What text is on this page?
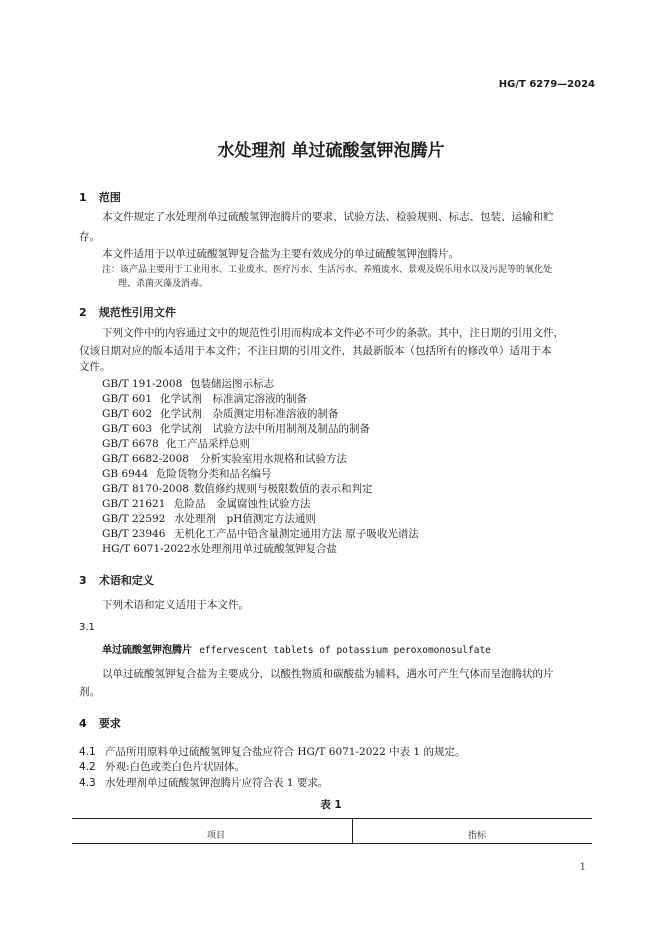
HG/T 6279—2024
水处理剂 单过硫酸氢钾泡腾片
1 范围
本文件规定了水处理剂单过硫酸氢钾泡腾片的要求、试验方法、检验规则、标志、包装、运输和贮
存。
本文件适用于以单过硫酸氢钾复合盐为主要有效成分的单过硫酸氢钾泡腾片。
注：该产品主要用于工业用水、工业废水、医疗污水、生活污水、养殖废水、景观及娱乐用水以及污泥等的氧化处
理、杀菌灭藻及消毒。
2 规范性引用文件
下列文件中的内容通过文中的规范性引用而构成本文件必不可少的条款。其中，注日期的引用文件，
仅该日期对应的版本适用于本文件；不注日期的引用文件，其最新版本（包括所有的修改单）适用于本
文件。
GB/T 191-2008 包装储运图示标志
GB/T 601 化学试剂　标准滴定溶液的制备
GB/T 602 化学试剂　杂质测定用标准溶液的制备
GB/T 603 化学试剂　试验方法中所用制剂及制品的制备
GB/T 6678 化工产品采样总则
GB/T 6682-2008 分析实验室用水规格和试验方法
GB 6944 危险货物分类和品名编号
GB/T 8170-2008 数值修约规则与极限数值的表示和判定
GB/T 21621 危险品　金属腐蚀性试验方法
GB/T 22592 水处理剂　pH值测定方法通则
GB/T 23946 无机化工产品中铅含量测定通用方法 原子吸收光谱法
HG/T 6071-2022水处理剂用单过硫酸氢钾复合盐
3 术语和定义
下列术语和定义适用于本文件。
3.1
单过硫酸氢钾泡腾片 effervescent tablets of potassium peroxomonosulfate
以单过硫酸氢钾复合盐为主要成分，以酸性物质和碳酸盐为辅料，遇水可产生气体而呈泡腾状的片
剂。
4 要求
4.1 产品所用原料单过硫酸氢钾复合盐应符合 HG/T 6071-2022 中表 1 的规定。
4.2 外观:白色或类白色片状固体。
4.3 水处理剂单过硫酸氢钾泡腾片应符合表 1 要求。
表 1
项目	指标
1
